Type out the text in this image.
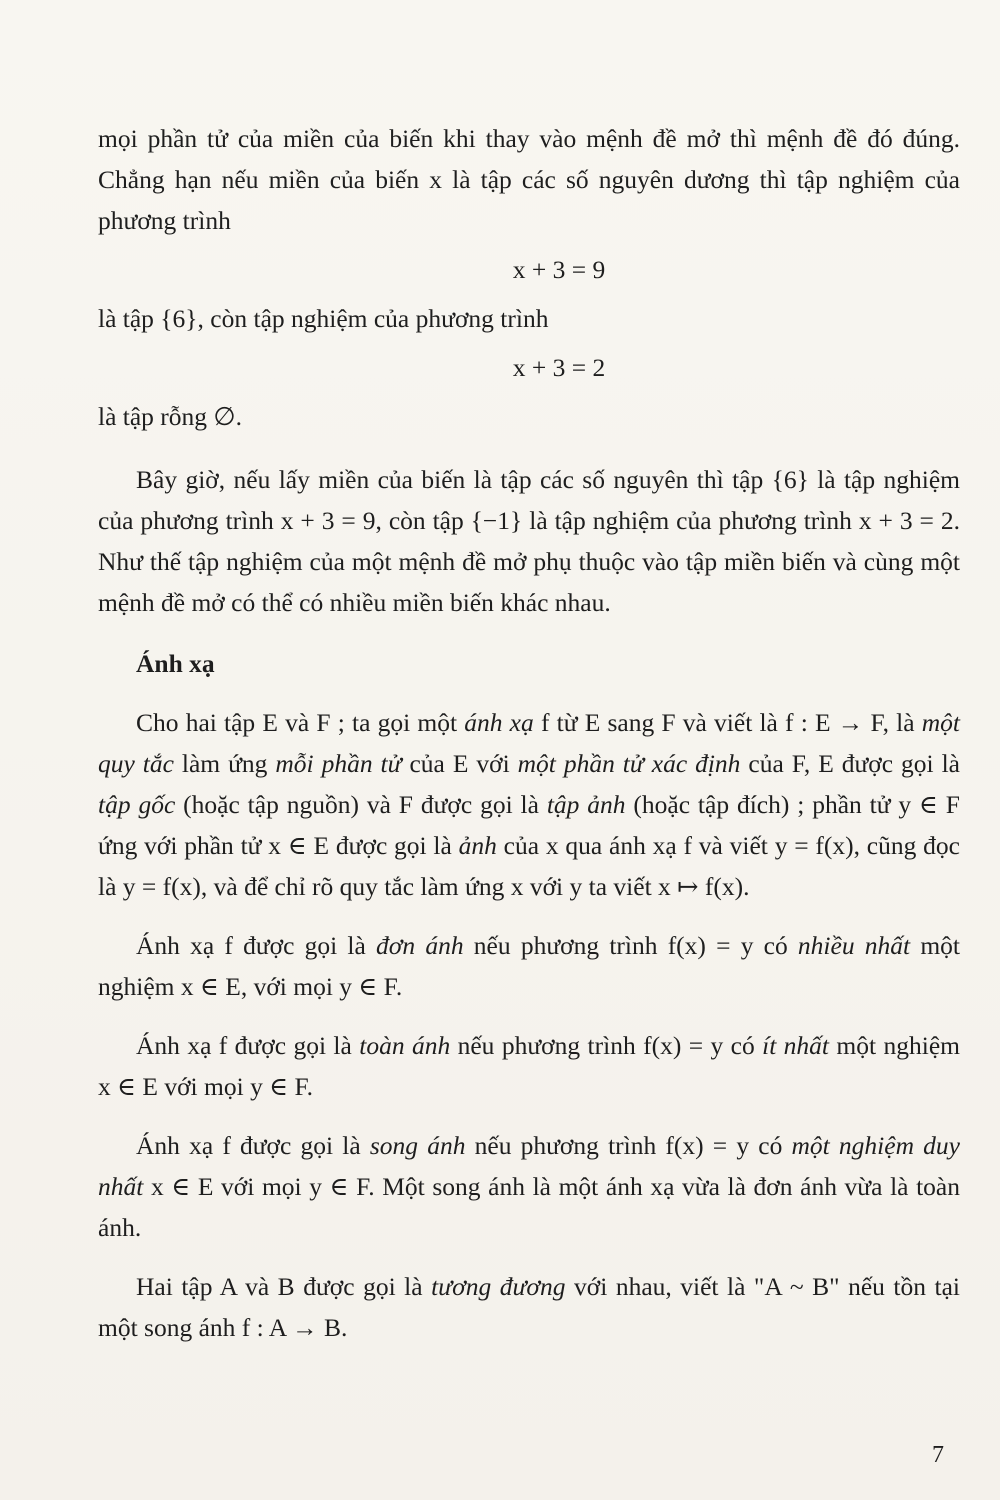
mọi phần tử của miền của biến khi thay vào mệnh đề mở thì mệnh đề đó đúng. Chẳng hạn nếu miền của biến x là tập các số nguyên dương thì tập nghiệm của phương trình

x + 3 = 9

là tập {6}, còn tập nghiệm của phương trình

x + 3 = 2

là tập rỗng ∅.

Bây giờ, nếu lấy miền của biến là tập các số nguyên thì tập {6} là tập nghiệm của phương trình x + 3 = 9, còn tập {−1} là tập nghiệm của phương trình x + 3 = 2. Như thế tập nghiệm của một mệnh đề mở phụ thuộc vào tập miền biến và cùng một mệnh đề mở có thể có nhiều miền biến khác nhau.

Ánh xạ

Cho hai tập E và F ; ta gọi một ánh xạ f từ E sang F và viết là f : E → F, là một quy tắc làm ứng mỗi phần tử của E với một phần tử xác định của F, E được gọi là tập gốc (hoặc tập nguồn) và F được gọi là tập ảnh (hoặc tập đích) ; phần tử y ∈ F ứng với phần tử x ∈ E được gọi là ảnh của x qua ánh xạ f và viết y = f(x), cũng đọc là y = f(x), và để chỉ rõ quy tắc làm ứng x với y ta viết x ↦ f(x).

Ánh xạ f được gọi là đơn ánh nếu phương trình f(x) = y có nhiều nhất một nghiệm x ∈ E, với mọi y ∈ F.

Ánh xạ f được gọi là toàn ánh nếu phương trình f(x) = y có ít nhất một nghiệm x ∈ E với mọi y ∈ F.

Ánh xạ f được gọi là song ánh nếu phương trình f(x) = y có một nghiệm duy nhất x ∈ E với mọi y ∈ F. Một song ánh là một ánh xạ vừa là đơn ánh vừa là toàn ánh.

Hai tập A và B được gọi là tương đương với nhau, viết là "A ~ B" nếu tồn tại một song ánh f : A → B.

7
